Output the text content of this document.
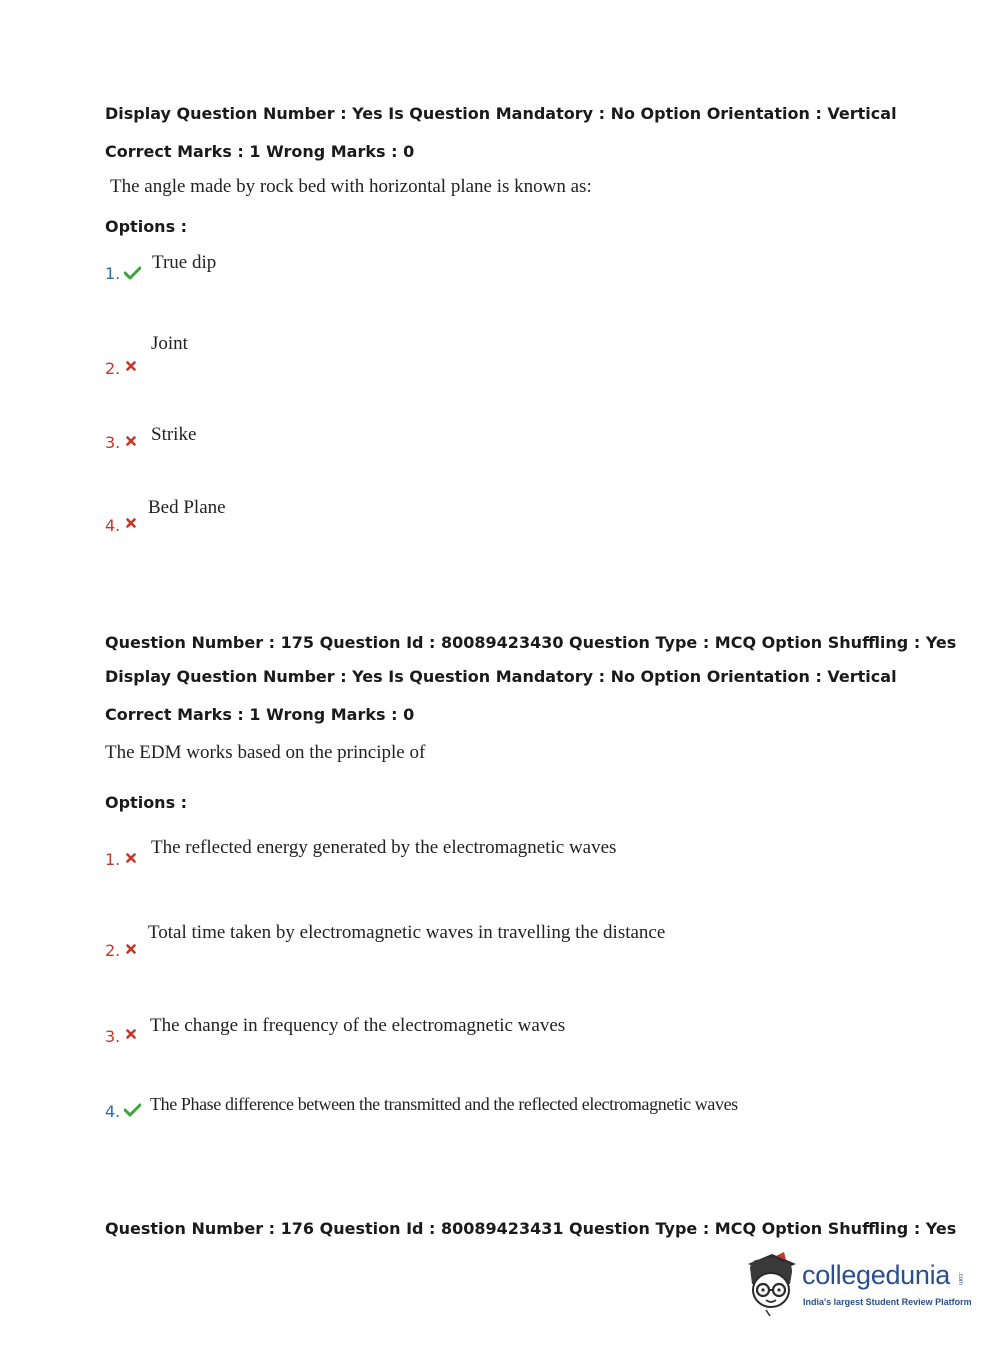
Display Question Number : Yes Is Question Mandatory : No Option Orientation : Vertical
Correct Marks : 1 Wrong Marks : 0
The angle made by rock bed with horizontal plane is known as:
Options :
1.
True dip
2.
Joint
3. Strike
4.
Bed Plane
Question Number : 175 Question Id : 80089423430 Question Type : MCQ Option Shuffling : Yes
Display Question Number : Yes Is Question Mandatory : No Option Orientation : Vertical
Correct Marks : 1 Wrong Marks : 0
The EDM works based on the principle of
Options :
1.
The reflected energy generated by the electromagnetic waves
2.
Total time taken by electromagnetic waves in travelling the distance
3.
The change in frequency of the electromagnetic waves
4. The Phase difference between the transmitted and the reflected electromagnetic waves
Question Number : 176 Question Id : 80089423431 Question Type : MCQ Option Shuffling : Yes
collegedunia .com
India's largest Student Review Platform
